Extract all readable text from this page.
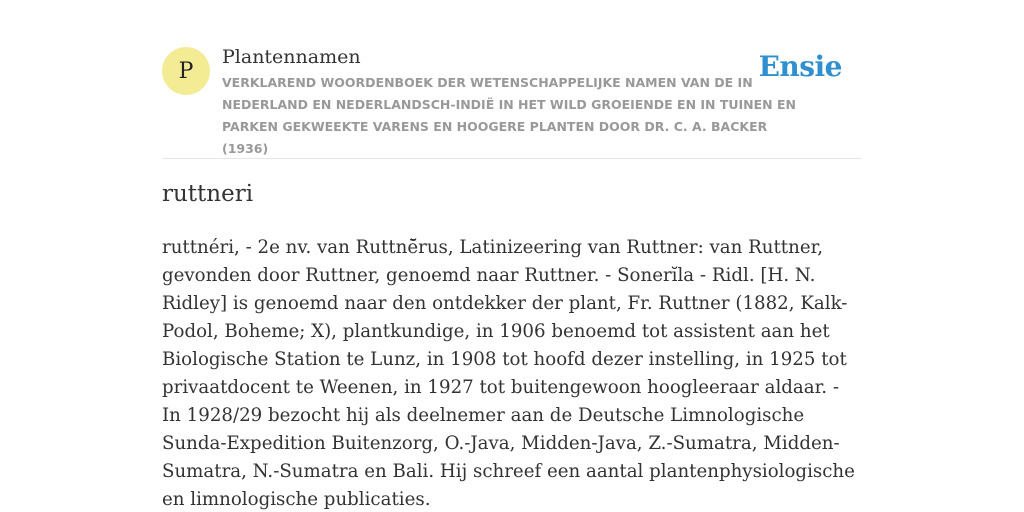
P
Plantennamen
VERKLAREND WOORDENBOEK DER WETENSCHAPPELIJKE NAMEN VAN DE IN NEDERLAND EN NEDERLANDSCH-INDIË IN HET WILD GROEIENDE EN IN TUINEN EN PARKEN GEKWEEKTE VARENS EN HOOGERE PLANTEN DOOR DR. C. A. BACKER (1936)
Ensie
ruttneri

ruttnéri, - 2e nv. van Ruttnē̆rus, Latinizeering van Ruttner: van Ruttner, gevonden door Ruttner, genoemd naar Ruttner. - Sonerĭla - Ridl. [H. N. Ridley] is genoemd naar den ontdekker der plant, Fr. Ruttner (1882, Kalk-Podol, Boheme; X), plantkundige, in 1906 benoemd tot assistent aan het Biologische Station te Lunz, in 1908 tot hoofd dezer instelling, in 1925 tot privaatdocent te Weenen, in 1927 tot buitengewoon hoogleeraar aldaar. - In 1928/29 bezocht hij als deelnemer aan de Deutsche Limnologische Sunda-Expedition Buitenzorg, O.-Java, Midden-Java, Z.-Sumatra, Midden-Sumatra, N.-Sumatra en Bali. Hij schreef een aantal plantenphysiologische en limnologische publicaties.
